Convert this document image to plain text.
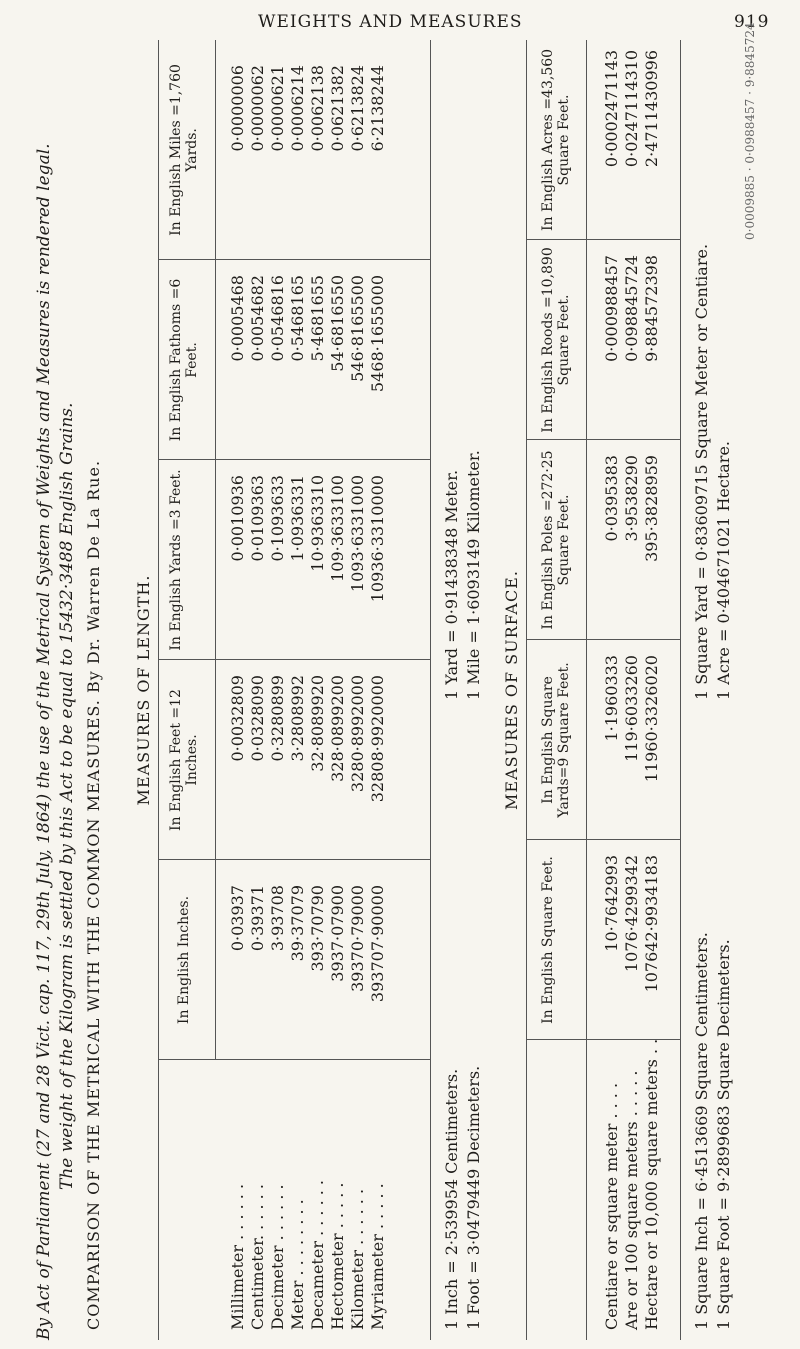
WEIGHTS AND MEASURES	919
By Act of Parliament (27 and 28 Vict. cap. 117, 29th July, 1864) the use of the Metrical System of Weights and Measures is rendered legal. The weight of the Kilogram is settled by this Act to be equal to 15432·3488 English Grains. COMPARISON OF THE METRICAL WITH THE COMMON MEASURES. By Dr. Warren De La Rue. MEASURES OF LENGTH.
In English Inches.
In English Feet =12 Inches.
In English Yards =3 Feet.
In English Fathoms =6 Feet.
In English Miles =1,760 Yards.
Millimeter . . . . . . Centimeter. . . . . . Decimeter . . . . . . Meter . . . . . . . . Decameter . . . . . . Hectometer . . . . . Kilometer . . . . . . Myriameter . . . . .
0·03937 0·39371 3·93708 39·37079 393·70790 3937·07900 39370·79000 393707·90000
0·0032809 0·0328090 0·3280899 3·2808992 32·8089920 328·0899200 3280·8992000 32808·9920000
0·0010936 0·0109363 0·1093633 1·0936331 10·9363310 109·3633100 1093·6331000 10936·3310000
0·0005468 0·0054682 0·0546816 0·5468165 5·4681655 54·6816550 546·8165500 5468·1655000
0·0000006 0·0000062 0·0000621 0·0006214 0·0062138 0·0621382 0·6213824 6·2138244
1 Inch = 2·539954 Centimeters. 1 Foot = 3·0479449 Decimeters.
1 Yard = 0·91438348 Meter. 1 Mile = 1·6093149 Kilometer. MEASURES OF SURFACE.
In English Square Feet.
In English Square Yards=9 Square Feet.
In English Poles =272·25 Square Feet.
In English Roods =10,890 Square Feet.
In English Acres =43,560 Square Feet.
Centiare or square meter . . . . Are or 100 square meters . . . . . Hectare or 10,000 square meters . .
10·7642993 1076·4299342 107642·9934183
1·1960333 119·6033260 11960·3326020
0·0395383 3·9538290 395·3828959
0·000988457 0·098845724 9·884572398
0·0002471143 0·0247114310 2·4711430996
1 Square Inch = 6·4513669 Square Centimeters. 1 Square Foot = 9·2899683 Square Decimeters.
1 Square Yard = 0·83609715 Square Meter or Centiare. 1 Acre = 0·404671021 Hectare.
0·0009885 · 0·0988457 · 9·8845724
